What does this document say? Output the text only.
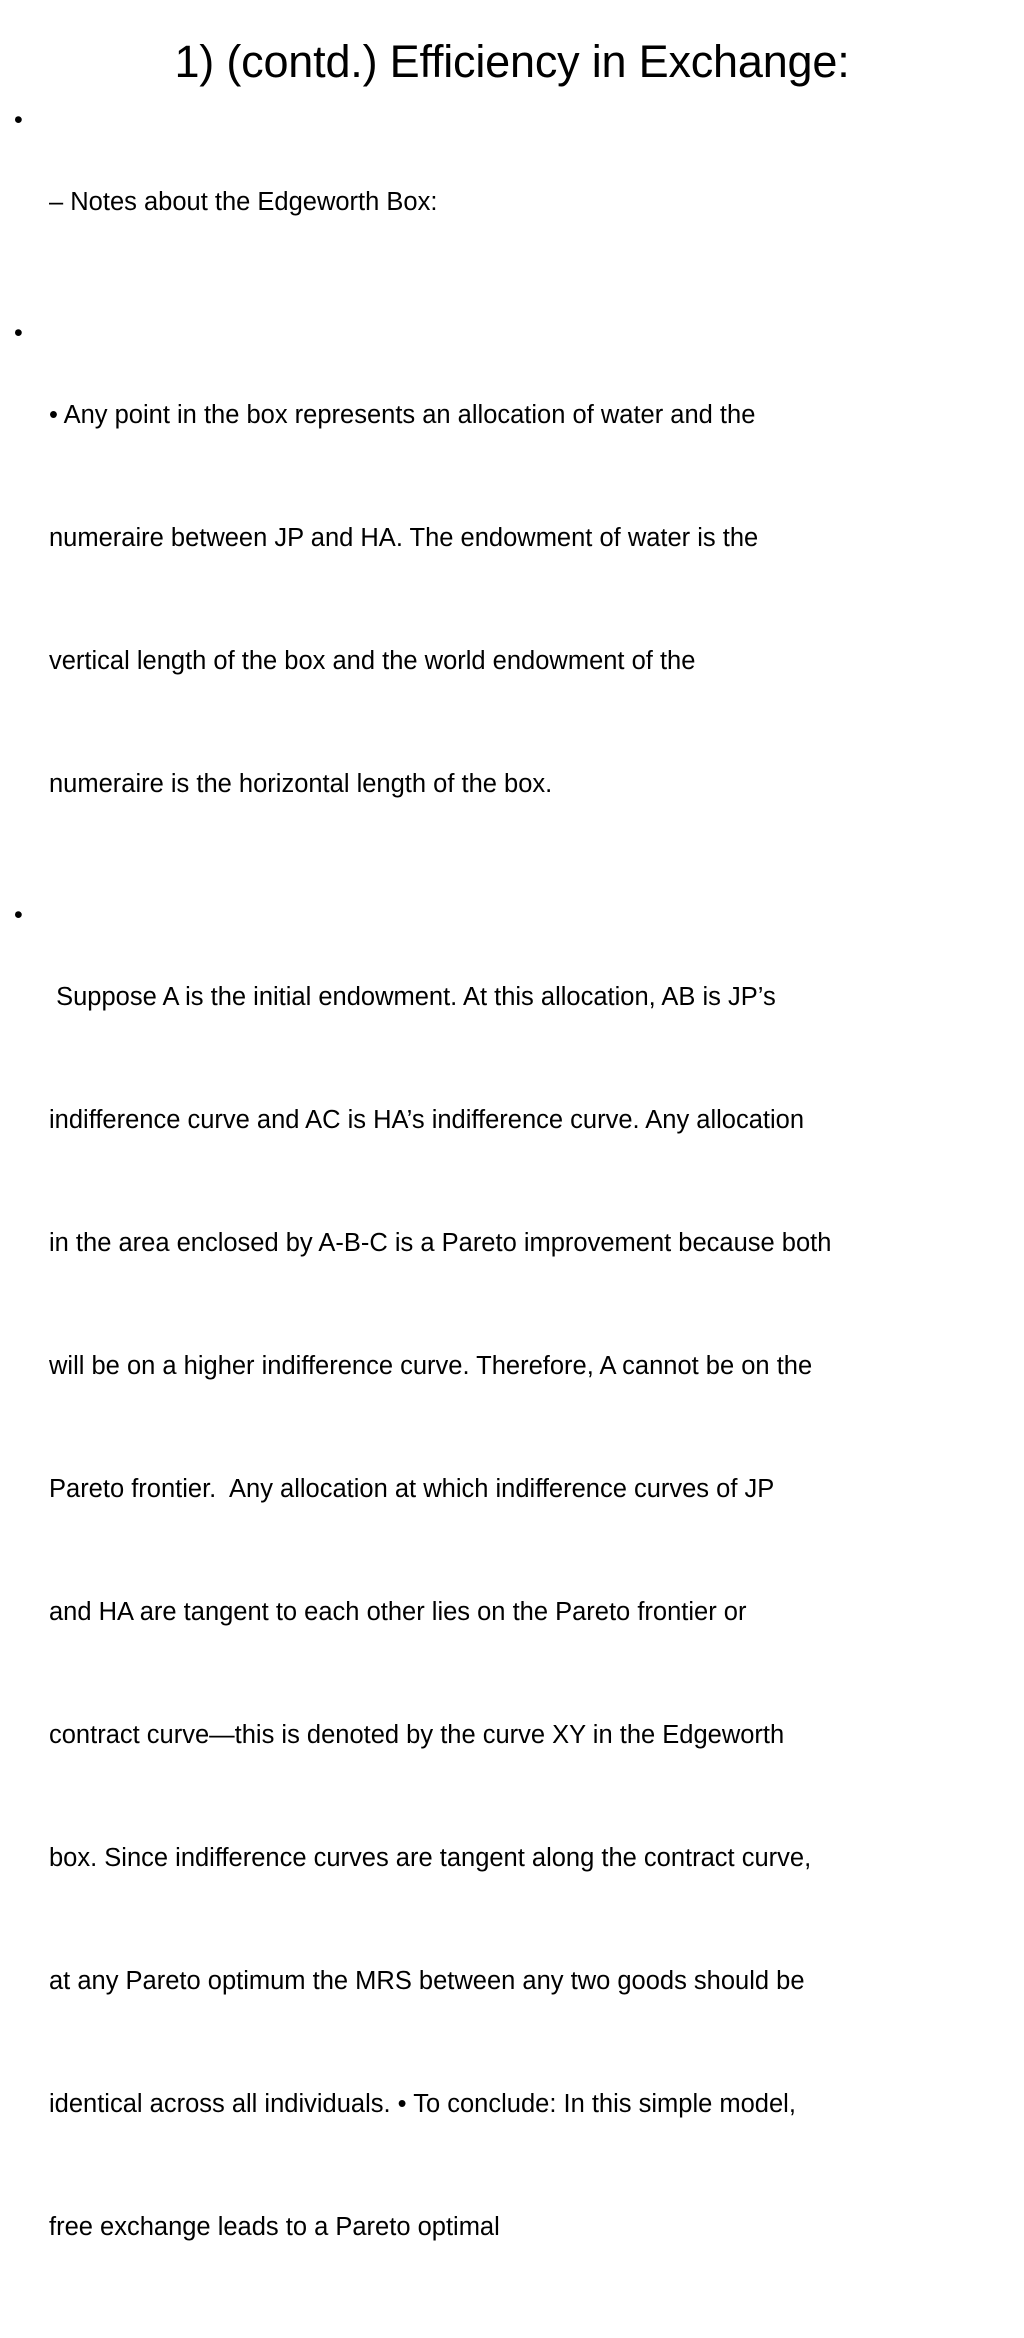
1) (contd.) Efficiency in Exchange:
•

– Notes about the Edgeworth Box:

•

• Any point in the box represents an allocation of water and the

numeraire between JP and HA. The endowment of water is the

vertical length of the box and the world endowment of the

numeraire is the horizontal length of the box.

•

Suppose A is the initial endowment. At this allocation, AB is JP’s

indifference curve and AC is HA’s indifference curve. Any allocation

in the area enclosed by A-B-C is a Pareto improvement because both

will be on a higher indifference curve. Therefore, A cannot be on the

Pareto frontier.  Any allocation at which indifference curves of JP

and HA are tangent to each other lies on the Pareto frontier or

contract curve—this is denoted by the curve XY in the Edgeworth

box. Since indifference curves are tangent along the contract curve,

at any Pareto optimum the MRS between any two goods should be

identical across all individuals. • To conclude: In this simple model,

free exchange leads to a Pareto optimal
